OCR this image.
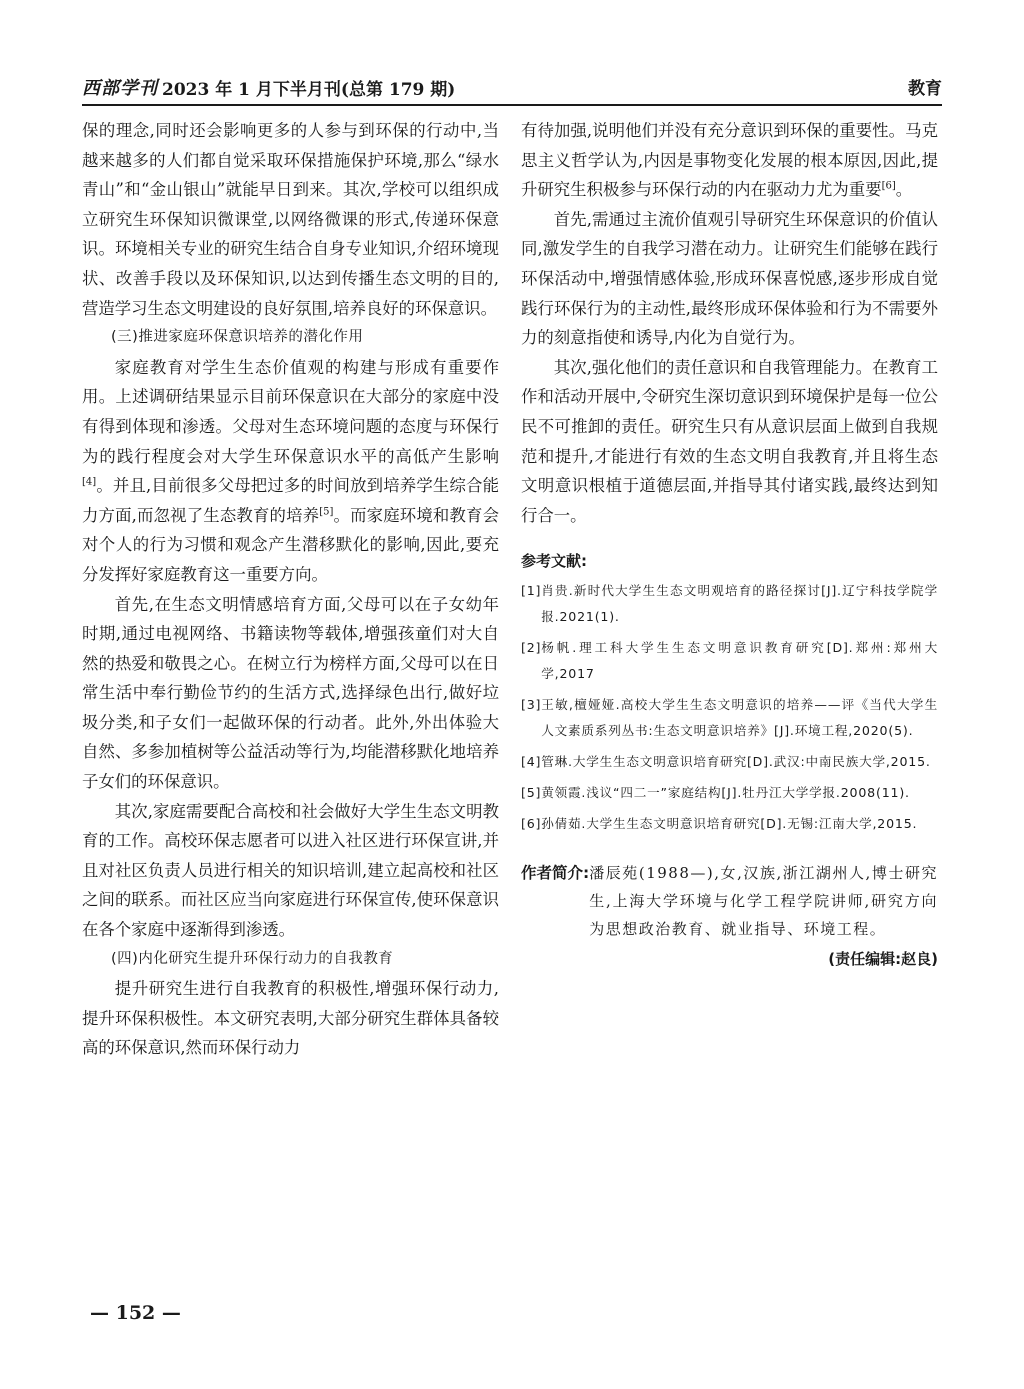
西部学刊 2023 年 1 月下半月刊(总第 179 期)	教育

保的理念,同时还会影响更多的人参与到环保的行动中,当越来越多的人们都自觉采取环保措施保护环境,那么“绿水青山”和“金山银山”就能早日到来。其次,学校可以组织成立研究生环保知识微课堂,以网络微课的形式,传递环保意识。环境相关专业的研究生结合自身专业知识,介绍环境现状、改善手段以及环保知识,以达到传播生态文明的目的,营造学习生态文明建设的良好氛围,培养良好的环保意识。

(三)推进家庭环保意识培养的潜化作用

家庭教育对学生生态价值观的构建与形成有重要作用。上述调研结果显示目前环保意识在大部分的家庭中没有得到体现和渗透。父母对生态环境问题的态度与环保行为的践行程度会对大学生环保意识水平的高低产生影响[4]。并且,目前很多父母把过多的时间放到培养学生综合能力方面,而忽视了生态教育的培养[5]。而家庭环境和教育会对个人的行为习惯和观念产生潜移默化的影响,因此,要充分发挥好家庭教育这一重要方向。

首先,在生态文明情感培育方面,父母可以在子女幼年时期,通过电视网络、书籍读物等载体,增强孩童们对大自然的热爱和敬畏之心。在树立行为榜样方面,父母可以在日常生活中奉行勤俭节约的生活方式,选择绿色出行,做好垃圾分类,和子女们一起做环保的行动者。此外,外出体验大自然、多参加植树等公益活动等行为,均能潜移默化地培养子女们的环保意识。

其次,家庭需要配合高校和社会做好大学生生态文明教育的工作。高校环保志愿者可以进入社区进行环保宣讲,并且对社区负责人员进行相关的知识培训,建立起高校和社区之间的联系。而社区应当向家庭进行环保宣传,使环保意识在各个家庭中逐渐得到渗透。

(四)内化研究生提升环保行动力的自我教育

提升研究生进行自我教育的积极性,增强环保行动力,提升环保积极性。本文研究表明,大部分研究生群体具备较高的环保意识,然而环保行动力

有待加强,说明他们并没有充分意识到环保的重要性。马克思主义哲学认为,内因是事物变化发展的根本原因,因此,提升研究生积极参与环保行动的内在驱动力尤为重要[6]。

首先,需通过主流价值观引导研究生环保意识的价值认同,激发学生的自我学习潜在动力。让研究生们能够在践行环保活动中,增强情感体验,形成环保喜悦感,逐步形成自觉践行环保行为的主动性,最终形成环保体验和行为不需要外力的刻意指使和诱导,内化为自觉行为。

其次,强化他们的责任意识和自我管理能力。在教育工作和活动开展中,令研究生深切意识到环境保护是每一位公民不可推卸的责任。研究生只有从意识层面上做到自我规范和提升,才能进行有效的生态文明自我教育,并且将生态文明意识根植于道德层面,并指导其付诸实践,最终达到知行合一。

参考文献:
[1] 肖贵.新时代大学生生态文明观培育的路径探讨[J].辽宁科技学院学报.2021(1).
[2] 杨帆.理工科大学生生态文明意识教育研究[D].郑州:郑州大学,2017
[3] 王敏,檀娅娅.高校大学生生态文明意识的培养——评《当代大学生人文素质系列丛书:生态文明意识培养》[J].环境工程,2020(5).
[4] 管琳.大学生生态文明意识培育研究[D].武汉:中南民族大学,2015.
[5] 黄领霞.浅议“四二一”家庭结构[J].牡丹江大学学报.2008(11).
[6] 孙倩茹.大学生生态文明意识培育研究[D].无锡:江南大学,2015.
作者简介: 潘辰苑(1988—),女,汉族,浙江湖州人,博士研究生,上海大学环境与化学工程学院讲师,研究方向为思想政治教育、就业指导、环境工程。
(责任编辑:赵良)
— 152 —
